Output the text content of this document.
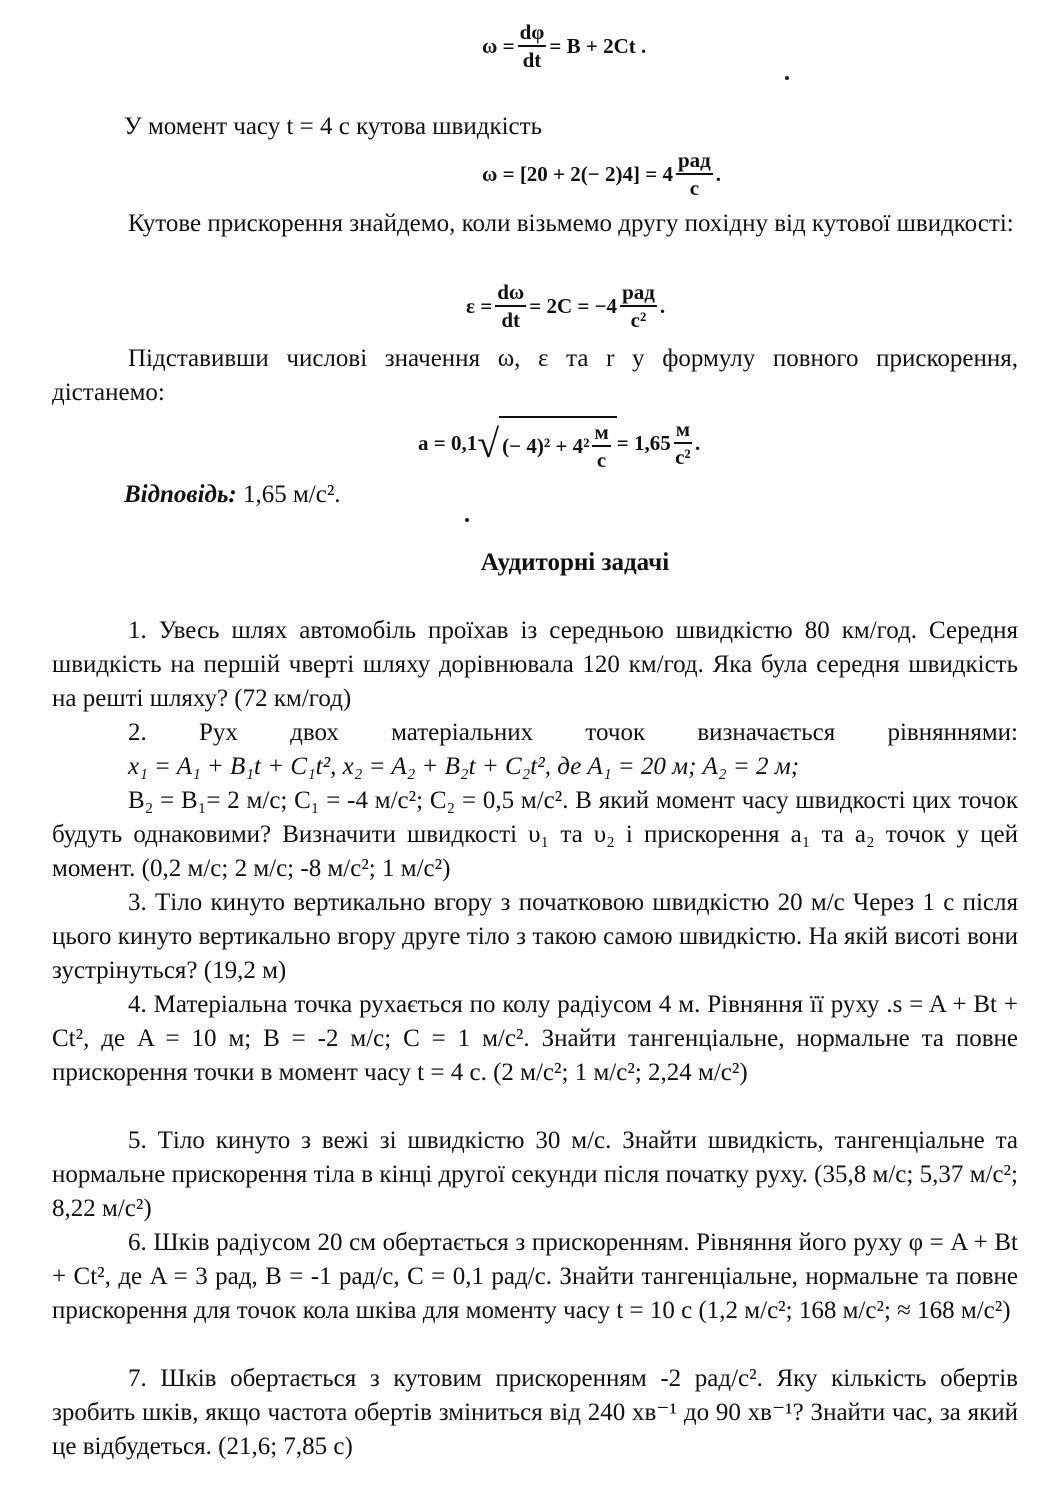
$\omega = \frac{d\varphi}{dt} = B + 2Ct$ .
У момент часу t = 4 с кутова швидкість
$\omega = [20 + 2(- 2)4] = 4 \frac{\text{рад}}{с}$ .
Кутове прискорення знайдемо, коли візьмемо другу похідну від кутової швидкості:
$\varepsilon = \frac{d\omega}{dt} = 2C = -4 \frac{\text{рад}}{\text{с²}}$ .
Підставивши числові значення ω, ε та r у формулу повного прискорення, дістанемо:
a = 0,1 √ (− $4)^2 + 4^2 \frac{м}{с} = 1,65 \frac{м}{\text{с²}}$ .
Відповідь: 1,65 м/с².
Аудиторні задачі
1. Увесь шлях автомобіль проїхав із середньою швидкістю 80 км/год. Середня швидкість на першій чверті шляху дорівнювала 120 км/год. Яка була середня швидкість на решті шляху? (72 км/год)
2. Рух двох матеріальних точок визначається рівняннями:
x₁ = A₁ + B₁t + C₁t², x₂ = A₂ + B₂t + C₂t², де A₁ = 20 м; A₂ = 2 м;
B₂ = B₁= 2 м/с; C₁ = -4 м/с²; C₂ = 0,5 м/с². В який момент часу швидкості цих точок будуть однаковими? Визначити швидкості υ₁ та υ₂ і прискорення a₁ та a₂ точок у цей момент. (0,2 м/с; 2 м/с; -8 м/с²; 1 м/с²)
3. Тіло кинуто вертикально вгору з початковою швидкістю 20 м/с Через 1 с після цього кинуто вертикально вгору друге тіло з такою самою швидкістю. На якій висоті вони зустрінуться? (19,2 м)
4. Матеріальна точка рухається по колу радіусом 4 м. Рівняння її руху .s = A + Bt + Ct², де A = 10 м; B = -2 м/с; C = 1 м/с². Знайти тангенціальне, нормальне та повне прискорення точки в момент часу t = 4 с. (2 м/с²; 1 м/с²; 2,24 м/с²)
5. Тіло кинуто з вежі зі швидкістю 30 м/с. Знайти швидкість, тангенціальне та нормальне прискорення тіла в кінці другої секунди після початку руху. (35,8 м/с; 5,37 м/с²; 8,22 м/с²)
6. Шків радіусом 20 см обертається з прискоренням. Рівняння його руху φ = A + Bt + Ct², де A = 3 рад, B = -1 рад/с, C = 0,1 рад/с. Знайти тангенціальне, нормальне та повне прискорення для точок кола шківа для моменту часу t = 10 с (1,2 м/с²; 168 м/с²; ≈ 168 м/с²)
7. Шків обертається з кутовим прискоренням -2 рад/с². Яку кількість обертів зробить шків, якщо частота обертів зміниться від 240 хв⁻¹ до 90 хв⁻¹? Знайти час, за який це відбудеться. (21,6; 7,85 с)
